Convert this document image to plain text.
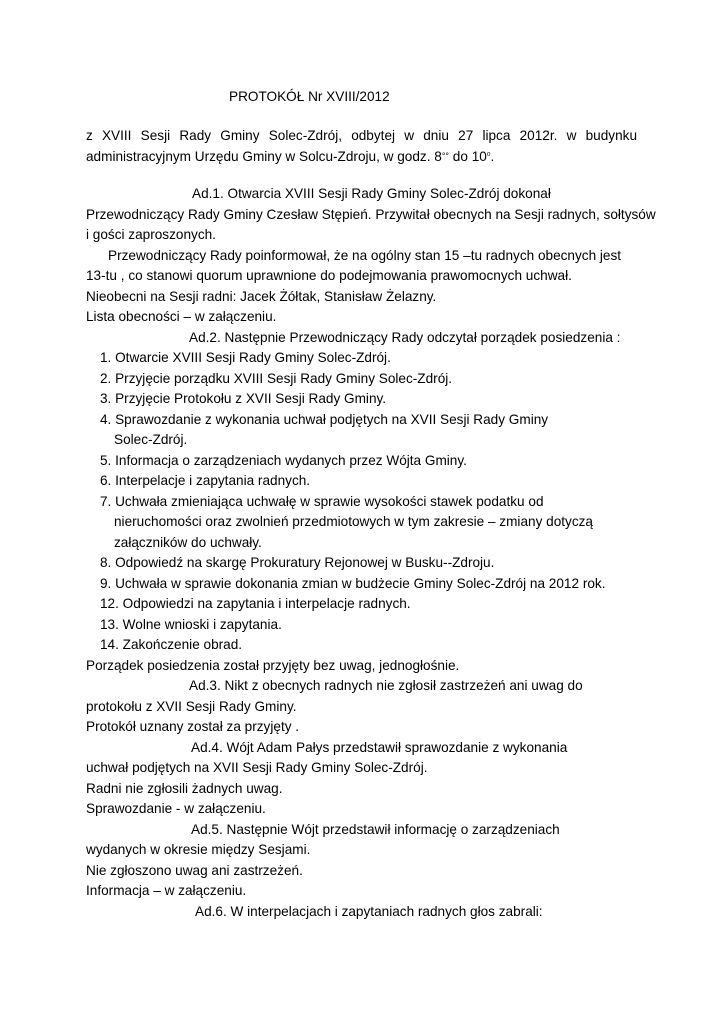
PROTOKÓŁ Nr XVIII/2012
z XVIII Sesji Rady Gminy Solec-Zdrój, odbytej w dniu 27 lipca 2012r. w budynku
administracyjnym Urzędu Gminy w Solcu-Zdroju, w godz. 8°° do $10^{^0}$.
Ad.1. Otwarcia XVIII Sesji Rady Gminy Solec-Zdrój dokonał
Przewodniczący Rady Gminy Czesław Stępień. Przywitał obecnych na Sesji radnych, sołtysów
i gości zaproszonych.
Przewodniczący Rady poinformował, że na ogólny stan 15 –tu radnych obecnych jest
13-tu , co stanowi quorum uprawnione do podejmowania prawomocnych uchwał.
Nieobecni na Sesji radni: Jacek Żółtak, Stanisław Żelazny.
Lista obecności – w załączeniu.
Ad.2. Następnie Przewodniczący Rady odczytał porządek posiedzenia :
1. Otwarcie XVIII Sesji Rady Gminy Solec-Zdrój.
2. Przyjęcie porządku XVIII Sesji Rady Gminy Solec-Zdrój.
3. Przyjęcie Protokołu z XVII Sesji Rady Gminy.
4. Sprawozdanie z wykonania uchwał podjętych na XVII Sesji Rady Gminy
Solec-Zdrój.
5. Informacja o zarządzeniach wydanych przez Wójta Gminy.
6. Interpelacje i zapytania radnych.
7. Uchwała zmieniająca uchwałę w sprawie wysokości stawek podatku od
nieruchomości oraz zwolnień przedmiotowych w tym zakresie – zmiany dotyczą
załączników do uchwały.
8. Odpowiedź na skargę Prokuratury Rejonowej w Busku--Zdroju.
9. Uchwała w sprawie dokonania zmian w budżecie Gminy Solec-Zdrój na 2012 rok.
12. Odpowiedzi na zapytania i interpelacje radnych.
13. Wolne wnioski i zapytania.
14. Zakończenie obrad.
Porządek posiedzenia został przyjęty bez uwag, jednogłośnie.
Ad.3. Nikt z obecnych radnych nie zgłosił zastrzeżeń ani uwag do
protokołu z XVII Sesji Rady Gminy.
Protokół uznany został za przyjęty .
Ad.4. Wójt Adam Pałys przedstawił sprawozdanie z wykonania
uchwał podjętych na XVII Sesji Rady Gminy Solec-Zdrój.
Radni nie zgłosili żadnych uwag.
Sprawozdanie - w załączeniu.
Ad.5. Następnie Wójt przedstawił informację o zarządzeniach
wydanych w okresie między Sesjami.
Nie zgłoszono uwag ani zastrzeżeń.
Informacja – w załączeniu.
Ad.6. W interpelacjach i zapytaniach radnych głos zabrali:
